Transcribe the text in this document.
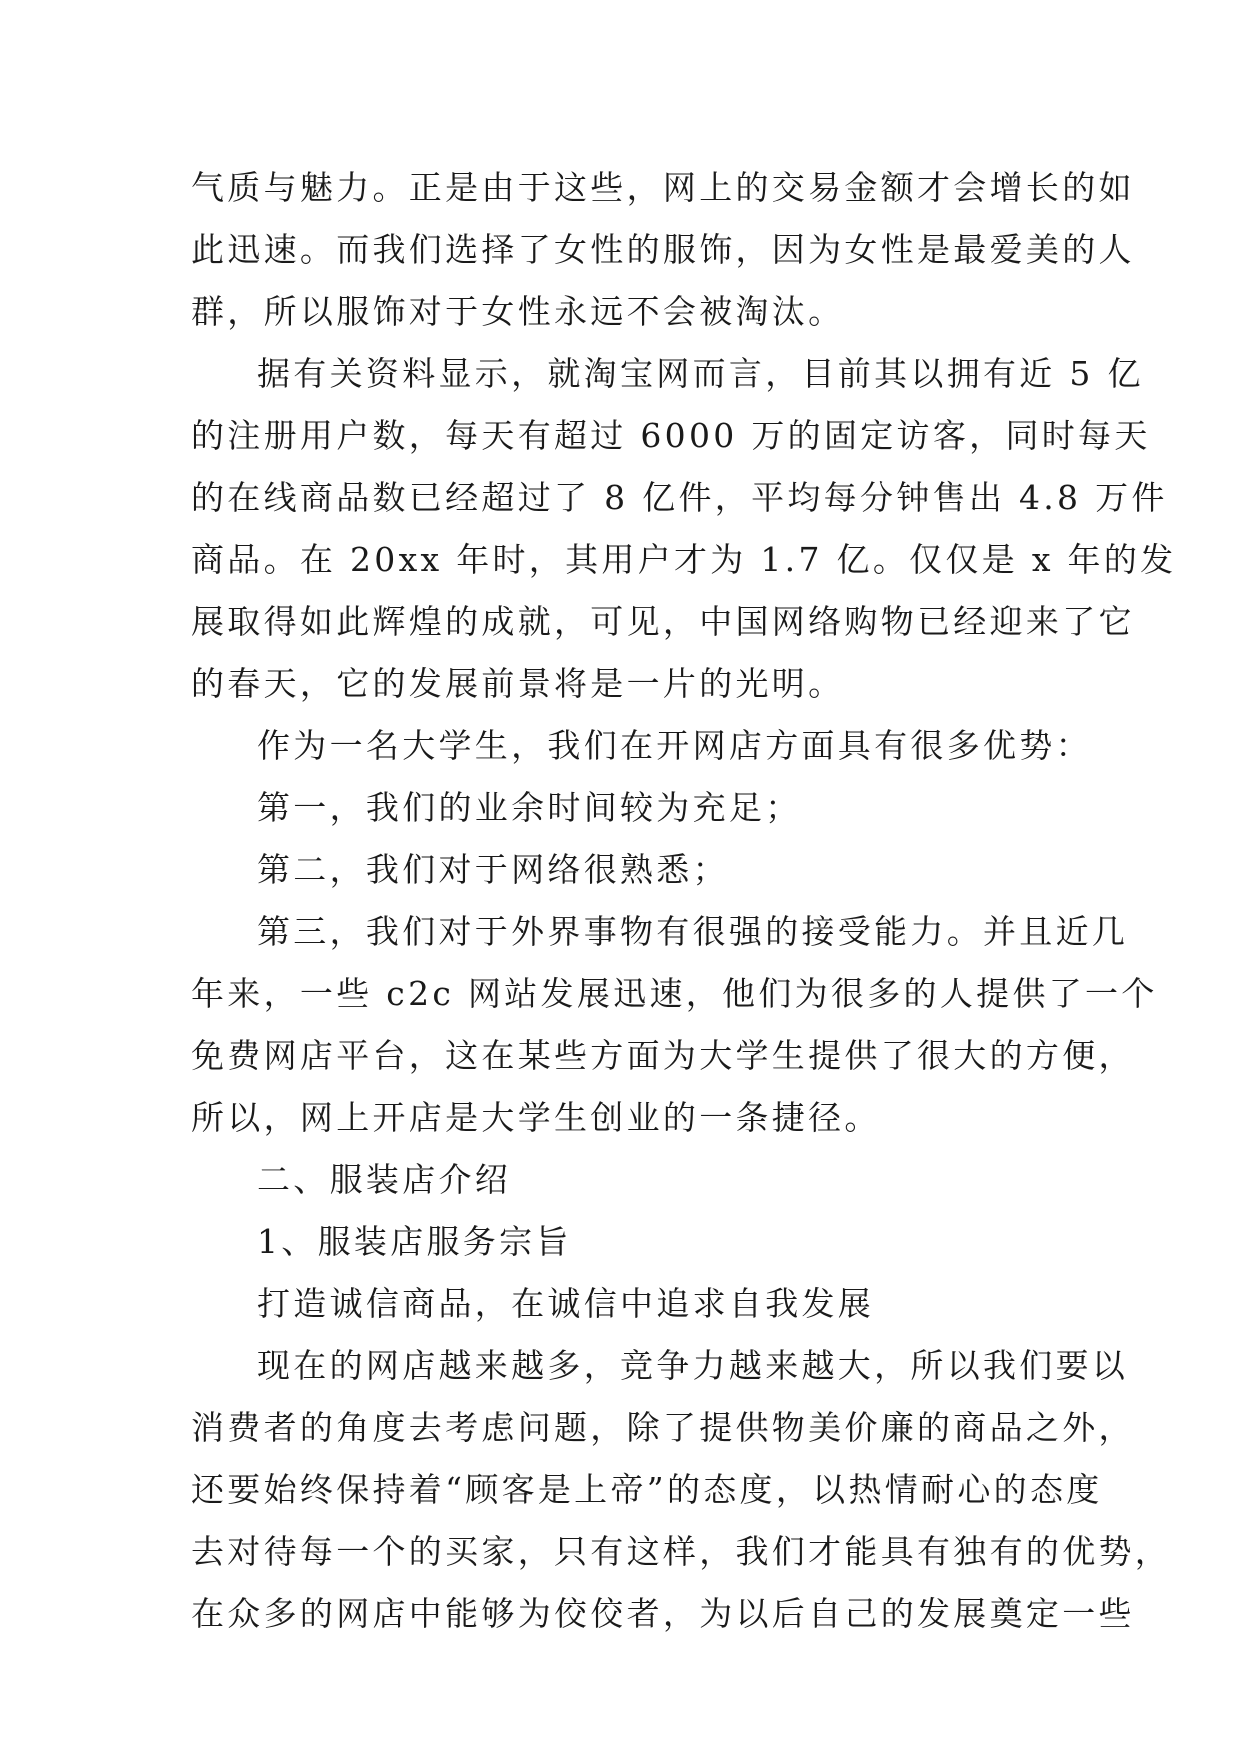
气质与魅力。正是由于这些，网上的交易金额才会增长的如
此迅速。而我们选择了女性的服饰，因为女性是最爱美的人
群，所以服饰对于女性永远不会被淘汰。
据有关资料显示，就淘宝网而言，目前其以拥有近 5 亿
的注册用户数，每天有超过 6000 万的固定访客，同时每天
的在线商品数已经超过了 8 亿件，平均每分钟售出 4.8 万件
商品。在 20xx 年时，其用户才为 1.7 亿。仅仅是 x 年的发
展取得如此辉煌的成就，可见，中国网络购物已经迎来了它
的春天，它的发展前景将是一片的光明。
作为一名大学生，我们在开网店方面具有很多优势：
第一，我们的业余时间较为充足；
第二，我们对于网络很熟悉；
第三，我们对于外界事物有很强的接受能力。并且近几
年来，一些 c2c 网站发展迅速，他们为很多的人提供了一个
免费网店平台，这在某些方面为大学生提供了很大的方便，
所以，网上开店是大学生创业的一条捷径。
二、服装店介绍
1、服装店服务宗旨
打造诚信商品，在诚信中追求自我发展
现在的网店越来越多，竞争力越来越大，所以我们要以
消费者的角度去考虑问题，除了提供物美价廉的商品之外，
还要始终保持着“顾客是上帝”的态度，以热情耐心的态度
去对待每一个的买家，只有这样，我们才能具有独有的优势，
在众多的网店中能够为佼佼者，为以后自己的发展奠定一些
